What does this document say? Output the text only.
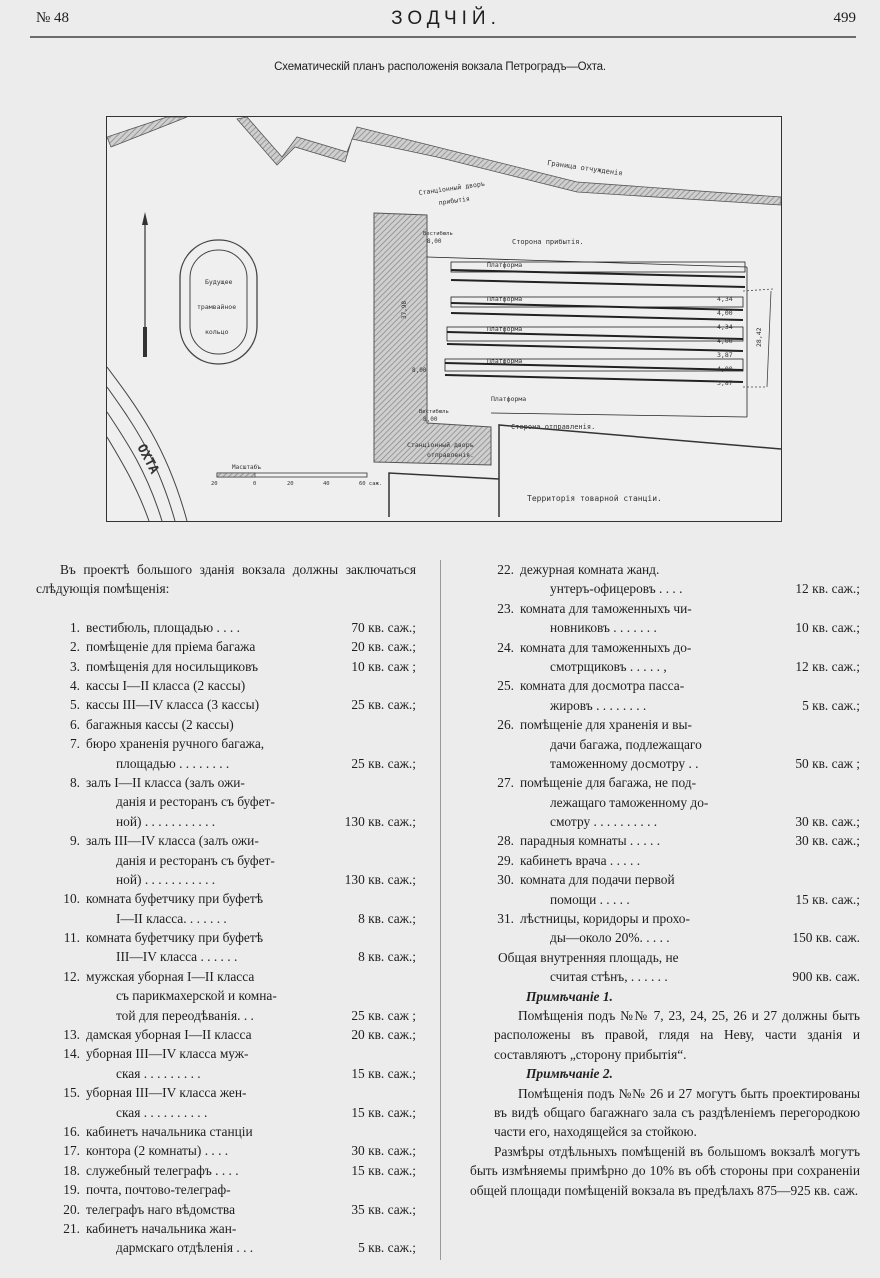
№ 48	ЗОДЧІЙ.	499
Схематическій планъ расположенія вокзала Петроградъ—Охта.
Граница отчужденія
Будущее
трамвайное
кольцо
ОХТА
Вестибюль
8,00
Вестибюль
8,00
8,00
37,98
Станціонный дворъ
прибытія
Сторона прибытія.
Станціонный дворъ
отправленія.
Сторона отправленія.
Платформа
Платформа
Платформа
Платформа
Платформа
4,34
4,00
4,34
4,00
3,87
4,00
3,87
28,42
Территорія товарной станціи.
Масштабъ
20	0	20	40	60 саж.

Въ проектѣ большого зданія вокзала должны заключаться слѣдующія помѣщенія:

1. вестибюль, площадью . . . .	70 кв. саж.;
2. помѣщеніе для пріема багажа	20 кв. саж.;
3. помѣщенія для носильщиковъ	10 кв. саж ;
4. кассы I—II класса (2 кассы)
5. кассы III—IV класса (3 кассы)	25 кв. саж.;
6. багажныя кассы (2 кассы)
7. бюро храненія ручного багажа,
площадью . . . . . . . .	25 кв. саж.;
8. залъ I—II класса (залъ ожи-
данія и ресторанъ съ буфет-
ной) . . . . . . . . . . .	130 кв. саж.;
9. залъ III—IV класса (залъ ожи-
данія и ресторанъ съ буфет-
ной) . . . . . . . . . . .	130 кв. саж.;
10. комната буфетчику при буфетѣ
I—II класса. . . . . . .	8 кв. саж.;
11. комната буфетчику при буфетѣ
III—IV класса . . . . . .	8 кв. саж.;
12. мужская уборная I—II класса
съ парикмахерской и комна-
той для переодѣванія. . .	25 кв. саж ;
13. дамская уборная I—II класса	20 кв. саж.;
14. уборная III—IV класса муж-
ская . . . . . . . . .	15 кв. саж.;
15. уборная III—IV класса жен-
ская . . . . . . . . . .	15 кв. саж.;
16. кабинетъ начальника станціи
17. контора (2 комнаты) . . . .	30 кв. саж.;
18. служебный телеграфъ . . . .	15 кв. саж.;
19. почта, почтово-телеграф-
20. телеграфъ наго вѣдомства	35 кв. саж.;
21. кабинетъ начальника жан-
дармскаго отдѣленія . . .	5 кв. саж.;
22. дежурная комната жанд.
унтеръ-офицеровъ . . . .	12 кв. саж.;
23. комната для таможенныхъ чи-
новниковъ . . . . . . .	10 кв. саж.;
24. комната для таможенныхъ до-
смотрщиковъ . . . . . ,	12 кв. саж.;
25. комната для досмотра пасса-
жировъ . . . . . . . .	5 кв. саж.;
26. помѣщеніе для храненія и вы-
дачи багажа, подлежащаго
таможенному досмотру . .	50 кв. саж ;
27. помѣщеніе для багажа, не под-
лежащаго таможенному до-
смотру . . . . . . . . . .	30 кв. саж.;
28. парадныя комнаты . . . . .	30 кв. саж.;
29. кабинетъ врача . . . . .
30. комната для подачи первой
помощи . . . . .	15 кв. саж.;
31. лѣстницы, коридоры и прохо-
ды—около 20%. . . . .	150 кв. саж.
Общая внутренняя площадь, не
считая стѣнъ, . . . . . .	900 кв. саж.
Примѣчаніе 1.
Помѣщенія подъ №№ 7, 23, 24, 25, 26 и 27 должны быть расположены въ правой, глядя на Неву, части зданія и составляютъ „сторону прибытія“.
Примѣчаніе 2.
Помѣщенія подъ №№ 26 и 27 могутъ быть проектированы въ видѣ общаго багажнаго зала съ раздѣленіемъ перегородкою части его, находящейся за стойкою.
Размѣры отдѣльныхъ помѣщеній въ большомъ вокзалѣ могутъ быть измѣняемы примѣрно до 10% въ обѣ стороны при сохраненіи общей площади помѣщеній вокзала въ предѣлахъ 875—925 кв. саж.
